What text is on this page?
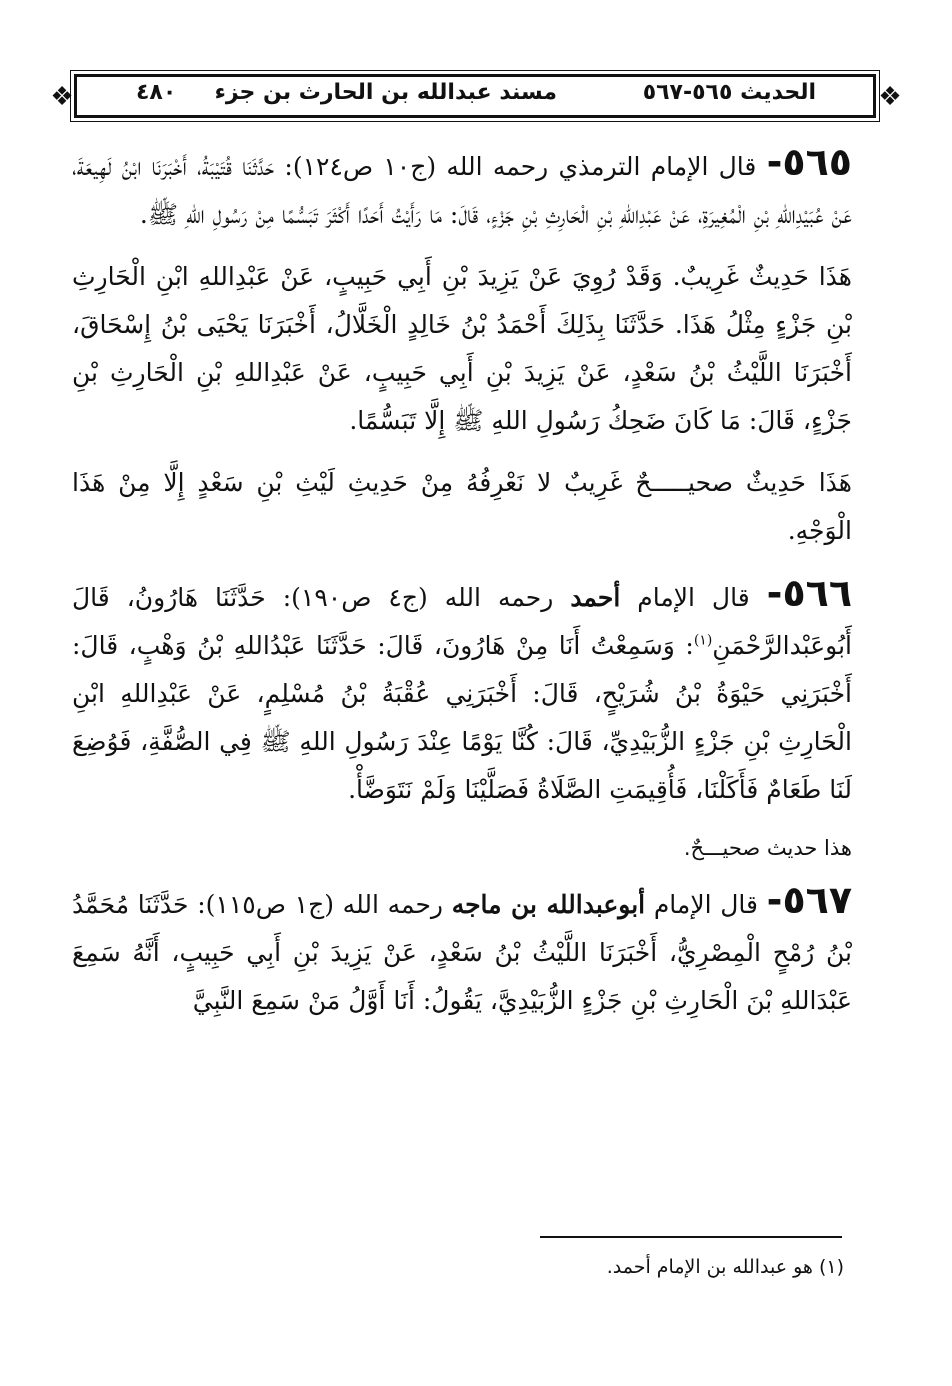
❖	الحديث ٥٦٥-٥٦٧
مسند عبدالله بن الحارث بن جزء     ٤٨٠	❖

٥٦٥- قال الإمام الترمذي رحمه الله (ج١٠ ص١٢٤): حَدَّثَنَا قُتَيْبَةُ، أَخْبَرَنَا ابْنُ لَهِيعَةَ، عَنْ عُبَيْدِاللهِ بْنِ الْمُغِيرَةِ، عَنْ عَبْدِاللهِ بْنِ الْحَارِثِ بْنِ جَزْءٍ، قَالَ: مَا رَأَيْتُ أَحَدًا أَكْثَرَ تَبَسُّمًا مِنْ رَسُولِ اللهِ ﷺ.

هَذَا حَدِيثٌ غَرِيبٌ. وَقَدْ رُوِيَ عَنْ يَزِيدَ بْنِ أَبِي حَبِيبٍ، عَنْ عَبْدِاللهِ ابْنِ الْحَارِثِ بْنِ جَزْءٍ مِثْلُ هَذَا. حَدَّثَنَا بِذَلِكَ أَحْمَدُ بْنُ خَالِدٍ الْخَلَّالُ، أَخْبَرَنَا يَحْيَى بْنُ إِسْحَاقَ، أَخْبَرَنَا اللَّيْثُ بْنُ سَعْدٍ، عَنْ يَزِيدَ بْنِ أَبِي حَبِيبٍ، عَنْ عَبْدِاللهِ بْنِ الْحَارِثِ بْنِ جَزْءٍ، قَالَ: مَا كَانَ ضَحِكُ رَسُولِ اللهِ ﷺ إِلَّا تَبَسُّمًا.

هَذَا حَدِيثٌ صحيـــــحٌ غَرِيبٌ لا نَعْرِفُهُ مِنْ حَدِيثِ لَيْثِ بْنِ سَعْدٍ إِلَّا مِنْ هَذَا الْوَجْهِ.

٥٦٦- قال الإمام أحمد رحمه الله (ج٤ ص١٩٠): حَدَّثَنَا هَارُونُ، قَالَ أَبُوعَبْدالرَّحْمَنِ$^{(١)}$: وَسَمِعْتُ أَنَا مِنْ هَارُونَ، قَالَ: حَدَّثَنَا عَبْدُاللهِ بْنُ وَهْبٍ، قَالَ: أَخْبَرَنِي حَيْوَةُ بْنُ شُرَيْحٍ، قَالَ: أَخْبَرَنِي عُقْبَةُ بْنُ مُسْلِمٍ، عَنْ عَبْدِاللهِ ابْنِ الْحَارِثِ بْنِ جَزْءٍ الزُّبَيْدِيِّ، قَالَ: كُنَّا يَوْمًا عِنْدَ رَسُولِ اللهِ ﷺ فِي الصُّفَّةِ، فَوُضِعَ لَنَا طَعَامٌ فَأَكَلْنَا، فَأُقِيمَتِ الصَّلَاةُ فَصَلَّيْنَا وَلَمْ نَتَوَضَّأْ.

هذا حديث صحيـــحٌ.

٥٦٧- قال الإمام أبوعبدالله بن ماجه رحمه الله (ج١ ص١١٥): حَدَّثَنَا مُحَمَّدُ بْنُ رُمْحٍ الْمِصْرِيُّ، أَخْبَرَنَا اللَّيْثُ بْنُ سَعْدٍ، عَنْ يَزِيدَ بْنِ أَبِي حَبِيبٍ، أَنَّهُ سَمِعَ عَبْدَاللهِ بْنَ الْحَارِثِ بْنِ جَزْءٍ الزُّبَيْدِيَّ، يَقُولُ: أَنَا أَوَّلُ مَنْ سَمِعَ النَّبِيَّ

(١) هو عبدالله بن الإمام أحمد.
